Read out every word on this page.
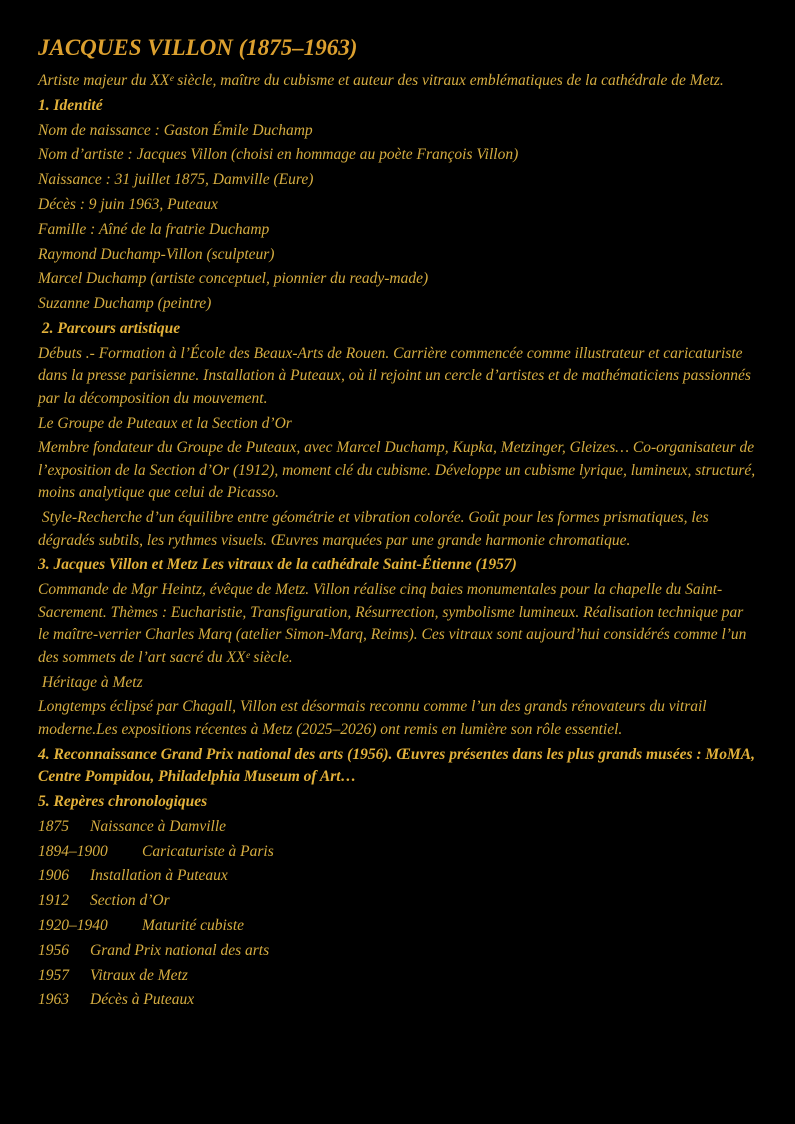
JACQUES VILLON (1875–1963)

Artiste majeur du XXᵉ siècle, maître du cubisme et auteur des vitraux emblématiques de la cathédrale de Metz.

1. Identité

Nom de naissance : Gaston Émile Duchamp

Nom d’artiste : Jacques Villon (choisi en hommage au poète François Villon)

Naissance : 31 juillet 1875, Damville (Eure)

Décès : 9 juin 1963, Puteaux

Famille : Aîné de la fratrie Duchamp

Raymond Duchamp-Villon (sculpteur)

Marcel Duchamp (artiste conceptuel, pionnier du ready-made)

Suzanne Duchamp (peintre)

2. Parcours artistique

Débuts .- Formation à l’École des Beaux-Arts de Rouen. Carrière commencée comme illustrateur et caricaturiste dans la presse parisienne. Installation à Puteaux, où il rejoint un cercle d’artistes et de mathématiciens passionnés par la décomposition du mouvement.

Le Groupe de Puteaux et la Section d’Or

Membre fondateur du Groupe de Puteaux, avec Marcel Duchamp, Kupka, Metzinger, Gleizes… Co-organisateur de l’exposition de la Section d’Or (1912), moment clé du cubisme. Développe un cubisme lyrique, lumineux, structuré, moins analytique que celui de Picasso.

Style-Recherche d’un équilibre entre géométrie et vibration colorée. Goût pour les formes prismatiques, les dégradés subtils, les rythmes visuels. Œuvres marquées par une grande harmonie chromatique.

3. Jacques Villon et Metz Les vitraux de la cathédrale Saint-Étienne (1957)

Commande de Mgr Heintz, évêque de Metz. Villon réalise cinq baies monumentales pour la chapelle du Saint-Sacrement. Thèmes : Eucharistie, Transfiguration, Résurrection, symbolisme lumineux. Réalisation technique par le maître-verrier Charles Marq (atelier Simon-Marq, Reims). Ces vitraux sont aujourd’hui considérés comme l’un des sommets de l’art sacré du XXᵉ siècle.

Héritage à Metz

Longtemps éclipsé par Chagall, Villon est désormais reconnu comme l’un des grands rénovateurs du vitrail moderne.Les expositions récentes à Metz (2025–2026) ont remis en lumière son rôle essentiel.

4. Reconnaissance Grand Prix national des arts (1956). Œuvres présentes dans les plus grands musées : MoMA, Centre Pompidou, Philadelphia Museum of Art…

5. Repères chronologiques

1875	Naissance à Damville

1894–1900	Caricaturiste à Paris

1906	Installation à Puteaux

1912	Section d’Or

1920–1940	Maturité cubiste

1956	Grand Prix national des arts

1957	Vitraux de Metz

1963	Décès à Puteaux
